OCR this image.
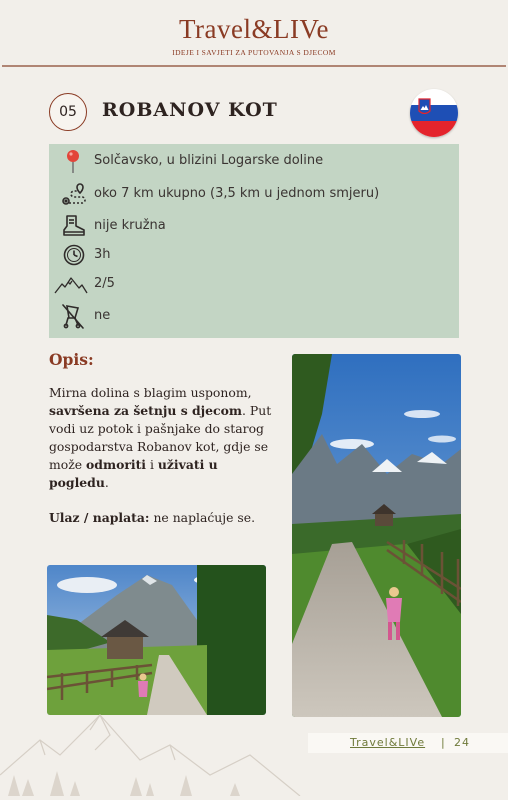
Travel&LIVe
IDEJE I SAVJETI ZA PUTOVANJA S DJECOM
05 ROBANOV KOT
Solčavsko, u blizini Logarske doline
oko 7 km ukupno (3,5 km u jednom smjeru)
nije kružna
3h
2/5
ne
Opis:
Mirna dolina s blagim usponom, savršena za šetnju s djecom. Put vodi uz potok i pašnjake do starog gospodarstva Robanov kot, gdje se može odmoriti i uživati u pogledu.
Ulaz / naplata: ne naplaćuje se.
Travel&LIVe | 24
